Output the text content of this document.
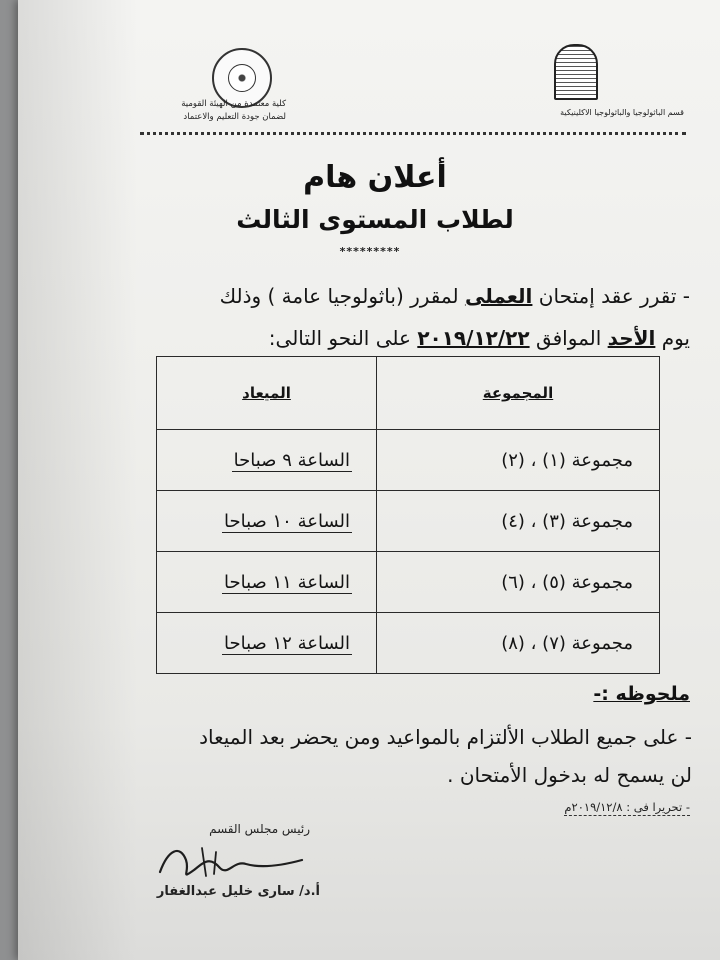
قسم الباثولوجيا والباثولوجيا الاكلينيكية
كلية معتمدة من الهيئة القومية
لضمان جودة التعليم والاعتماد
أعلان هام
لطلاب المستوى الثالث
*********
- تقرر عقد إمتحان العملى لمقرر (باثولوجيا عامة ) وذلك
يوم الأحد الموافق ٢٠١٩/١٢/٢٢ على النحو التالى:
المجموعة	الميعاد
مجموعة (١) ، (٢)	الساعة ٩ صباحا
مجموعة (٣) ، (٤)	الساعة ١٠ صباحا
مجموعة (٥) ، (٦)	الساعة ١١ صباحا
مجموعة (٧) ، (٨)	الساعة ١٢ صباحا
ملحوظه :-
- على جميع الطلاب الألتزام بالمواعيد ومن يحضر بعد الميعاد
لن يسمح له بدخول الأمتحان .
- تحريرا فى : ٢٠١٩/١٢/٨م
رئيس مجلس القسم
أ.د/ سارى خليل عبدالغفار
